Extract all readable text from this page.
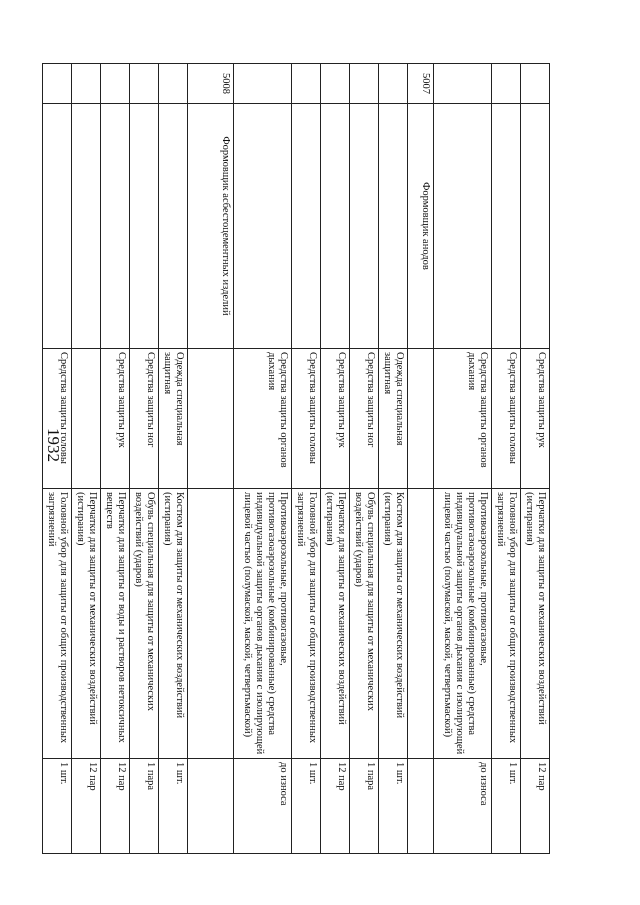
1932
			Средства защиты рук	Перчатки для защиты от механических воздействий (истирания)	12 пар
		Средства защиты головы	Головной убор для защиты от общих производственных загрязнений	1 шт.
		Средства защиты органов дыхания	Противоаэрозольные, противогазовые, противогазоаэрозольные (комбинированные) средства индивидуальной защиты органов дыхания с изолирующей лицевой частью (полумаской, маской, четвертьмаской)	до износа
5007	Формовщик анодов			
		Одежда специальная защитная	Костюм для защиты от механических воздействий (истирания)	1 шт.
		Средства защиты ног	Обувь специальная для защиты от механических воздействий (ударов)	1 пара
		Средства защиты рук	Перчатки для защиты от механических воздействий (истирания)	12 пар
		Средства защиты головы	Головной убор для защиты от общих производственных загрязнений	1 шт.
		Средства защиты органов дыхания	Противоаэрозольные, противогазовые, противогазоаэрозольные (комбинированные) средства индивидуальной защиты органов дыхания с изолирующей лицевой частью (полумаской, маской, четвертьмаской)	до износа
5008	Формовщик асбестоцементных изделий			
		Одежда специальная защитная	Костюм для защиты от механических воздействий (истирания)	1 шт.
		Средства защиты ног	Обувь специальная для защиты от механических воздействий (ударов)	1 пара
		Средства защиты рук	Перчатки для защиты от воды и растворов нетоксичных веществ	12 пар
			Перчатки для защиты от механических воздействий (истирания)	12 пар
		Средства защиты головы	Головной убор для защиты от общих производственных загрязнений	1 шт.
